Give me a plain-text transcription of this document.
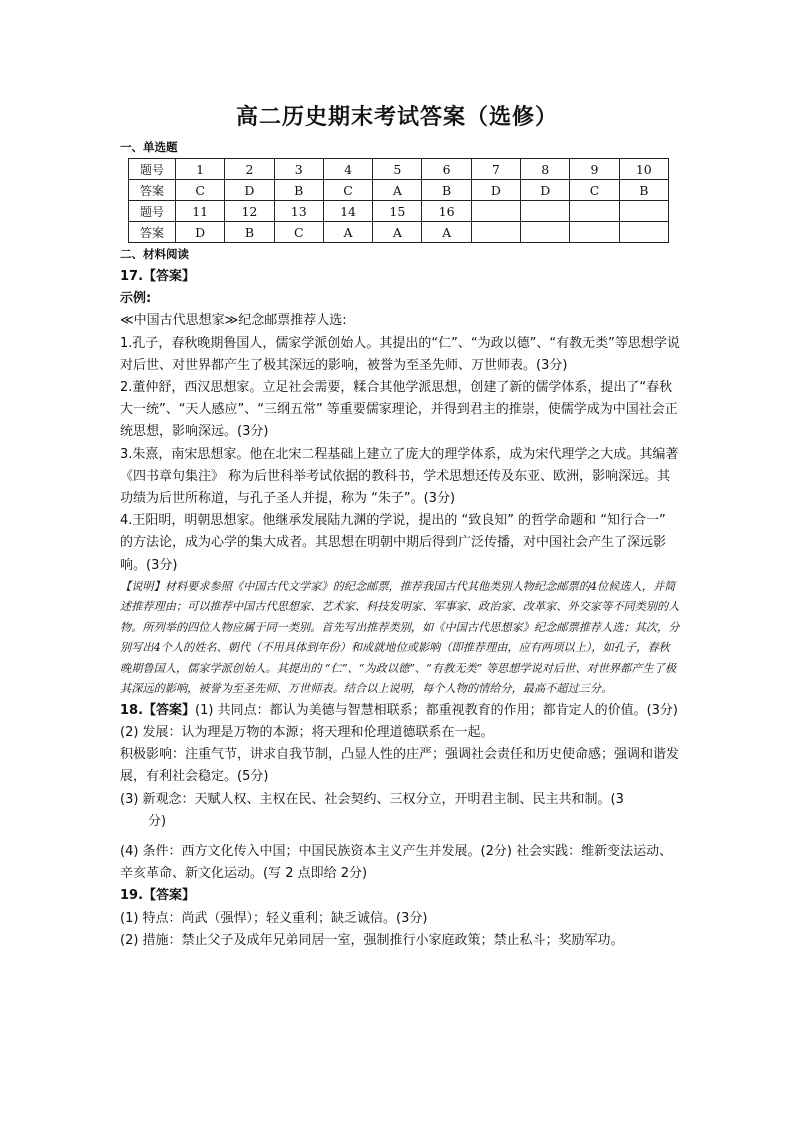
高二历史期末考试答案（选修）
一、单选题
题号	1	2	3	4	5	6	7	8	9	10
答案	C	D	B	C	A	B	D	D	C	B
题号	11	12	13	14	15	16				
答案	D	B	C	A	A	A				
二、材料阅读

17.【答案】

示例:

≪中国古代思想家≫纪念邮票推荐人选:

1.孔子，春秋晚期鲁国人，儒家学派创始人。其提出的“仁”、“为政以德”、“有教无类”等思想学说对后世、对世界都产生了极其深远的影响，被誉为至圣先师、万世师表。(3分)

2.董仲舒，西汉思想家。立足社会需要，糅合其他学派思想，创建了新的儒学体系，提出了“春秋大一统”、“天人感应”、“三纲五常” 等重要儒家理论，并得到君主的推崇，使儒学成为中国社会正统思想，影响深远。(3分)

3.朱熹，南宋思想家。他在北宋二程基础上建立了庞大的理学体系，成为宋代理学之大成。其编著《四书章句集注》 称为后世科举考试依据的教科书，学术思想还传及东亚、欧洲，影响深远。其功绩为后世所称道，与孔子圣人并提，称为 “朱子”。(3分)

4.王阳明，明朝思想家。他继承发展陆九渊的学说，提出的 “致良知” 的哲学命题和 “知行合一” 的方法论，成为心学的集大成者。其思想在明朝中期后得到广泛传播，对中国社会产生了深远影响。(3分)

【说明】材料要求参照《中国古代文学家》的纪念邮票，推荐我国古代其他类别人物纪念邮票的4位候选人，并简述推荐理由；可以推荐中国古代思想家、艺术家、科技发明家、军事家、政治家、改革家、外交家等不同类别的人物。所列举的四位人物应属于同一类别。首先写出推荐类别，如《中国古代思想家》纪念邮票推荐人选；其次，分别写出4个人的姓名、朝代（不用具体到年份）和成就地位或影响（即推荐理由，应有两项以上），如孔子，春秋晚期鲁国人，儒家学派创始人。其提出的 “仁”、“为政以德”、“有教无类” 等思想学说对后世、对世界都产生了极其深远的影响，被誉为至圣先师、万世师表。结合以上说明，每个人物的情给分，最高不超过三分。

18.【答案】(1) 共同点：都认为美德与智慧相联系；都重视教育的作用；都肯定人的价值。(3分)

(2) 发展：认为理是万物的本源；将天理和伦理道德联系在一起。

积极影响：注重气节，讲求自我节制，凸显人性的庄严；强调社会责任和历史使命感；强调和谐发展，有利社会稳定。(5分)

(3) 新观念：天赋人权、主权在民、社会契约、三权分立，开明君主制、民主共和制。(3

分)

(4) 条件：西方文化传入中国；中国民族资本主义产生并发展。(2分) 社会实践：维新变法运动、辛亥革命、新文化运动。(写 2 点即给 2分)

19.【答案】

(1) 特点：尚武（强悍）；轻义重利；缺乏诚信。(3分)

(2) 措施：禁止父子及成年兄弟同居一室，强制推行小家庭政策；禁止私斗；奖励军功。
